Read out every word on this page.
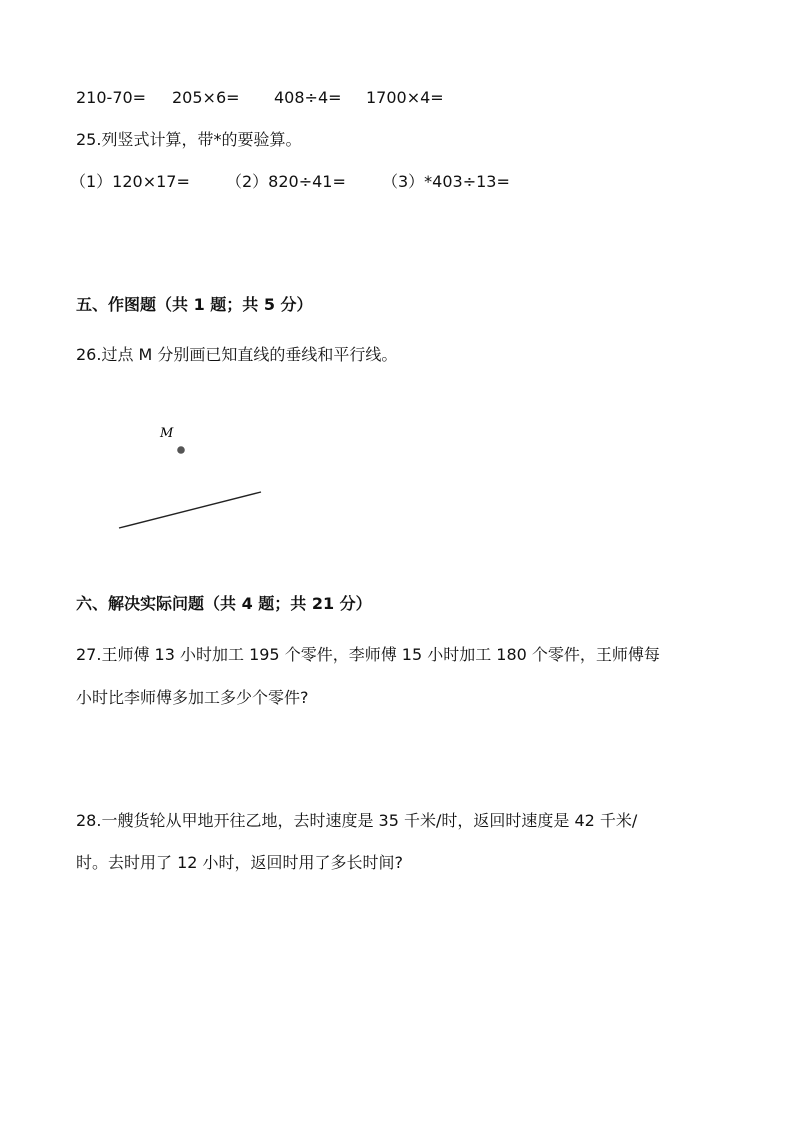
210-70= 205×6= 408÷4= 1700×4=
25.列竖式计算，带*的要验算。
（1）120×17= （2）820÷41= （3）*403÷13=
五、作图题（共 1 题；共 5 分）
26.过点 M 分别画已知直线的垂线和平行线。
M
六、解决实际问题（共 4 题；共 21 分）
27.王师傅 13 小时加工 195 个零件，李师傅 15 小时加工 180 个零件，王师傅每
小时比李师傅多加工多少个零件?
28.一艘货轮从甲地开往乙地，去时速度是 35 千米/时，返回时速度是 42 千米/
时。去时用了 12 小时，返回时用了多长时间?
